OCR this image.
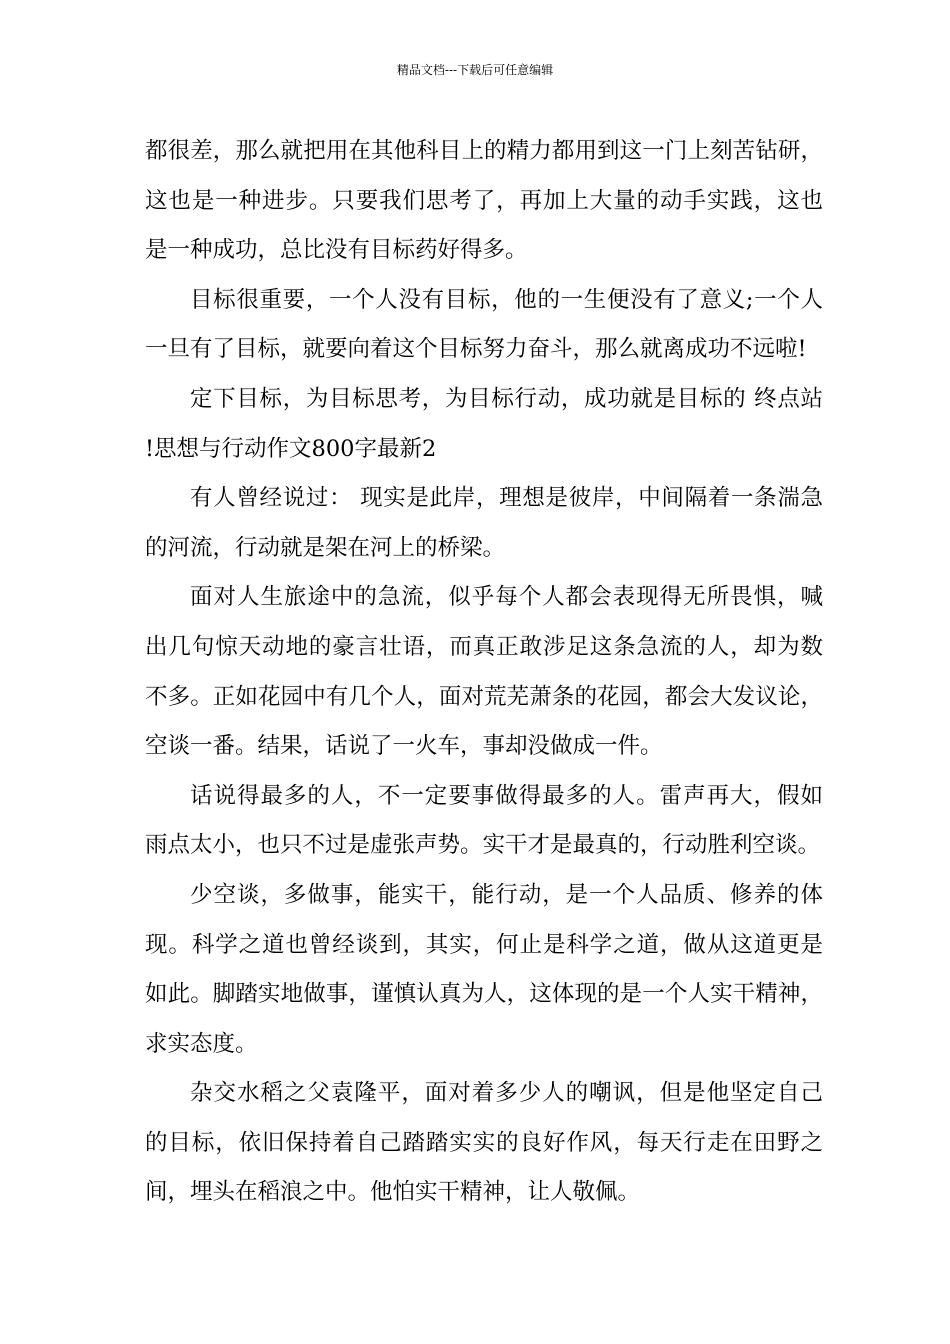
精品文档---下载后可任意编辑
都很差，那么就把用在其他科目上的精力都用到这一门上刻苦钻研，
这也是一种进步。只要我们思考了，再加上大量的动手实践，这也
是一种成功，总比没有目标药好得多。
目标很重要，一个人没有目标，他的一生便没有了意义;一个人
一旦有了目标，就要向着这个目标努力奋斗，那么就离成功不远啦!
定下目标，为目标思考，为目标行动，成功就是目标的 终点站
!思想与行动作文800字最新2
有人曾经说过： 现实是此岸，理想是彼岸，中间隔着一条湍急
的河流，行动就是架在河上的桥梁。
面对人生旅途中的急流，似乎每个人都会表现得无所畏惧，喊
出几句惊天动地的豪言壮语，而真正敢涉足这条急流的人，却为数
不多。正如花园中有几个人，面对荒芜萧条的花园，都会大发议论，
空谈一番。结果，话说了一火车，事却没做成一件。
话说得最多的人，不一定要事做得最多的人。雷声再大，假如
雨点太小，也只不过是虚张声势。实干才是最真的，行动胜利空谈。
少空谈，多做事，能实干，能行动，是一个人品质、修养的体
现。科学之道也曾经谈到，其实，何止是科学之道，做从这道更是
如此。脚踏实地做事，谨慎认真为人，这体现的是一个人实干精神，
求实态度。
杂交水稻之父袁隆平，面对着多少人的嘲讽，但是他坚定自己
的目标，依旧保持着自己踏踏实实的良好作风，每天行走在田野之
间，埋头在稻浪之中。他怕实干精神，让人敬佩。
